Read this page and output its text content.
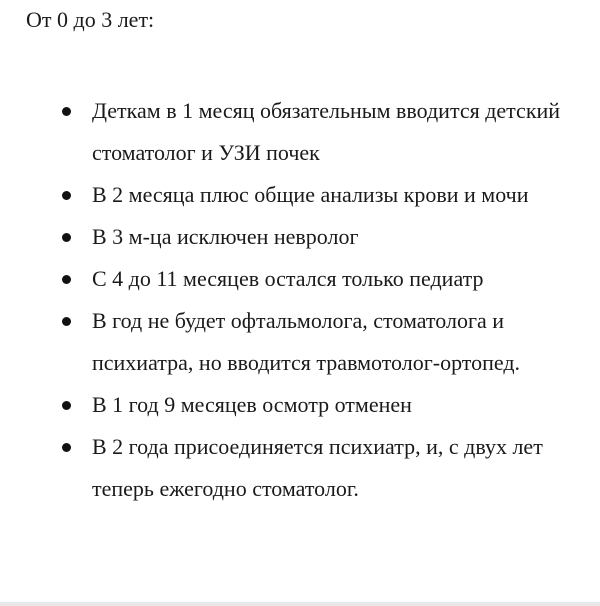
От 0 до 3 лет:

Деткам в 1 месяц обязательным вводится детский стоматолог и УЗИ почек
В 2 месяца плюс общие анализы крови и мочи
В 3 м-ца исключен невролог
С 4 до 11 месяцев остался только педиатр
В год не будет офтальмолога, стоматолога и психиатра, но вводится травмотолог-ортопед.
В 1 год 9 месяцев осмотр отменен
В 2 года присоединяется психиатр, и, с двух лет теперь ежегодно стоматолог.
